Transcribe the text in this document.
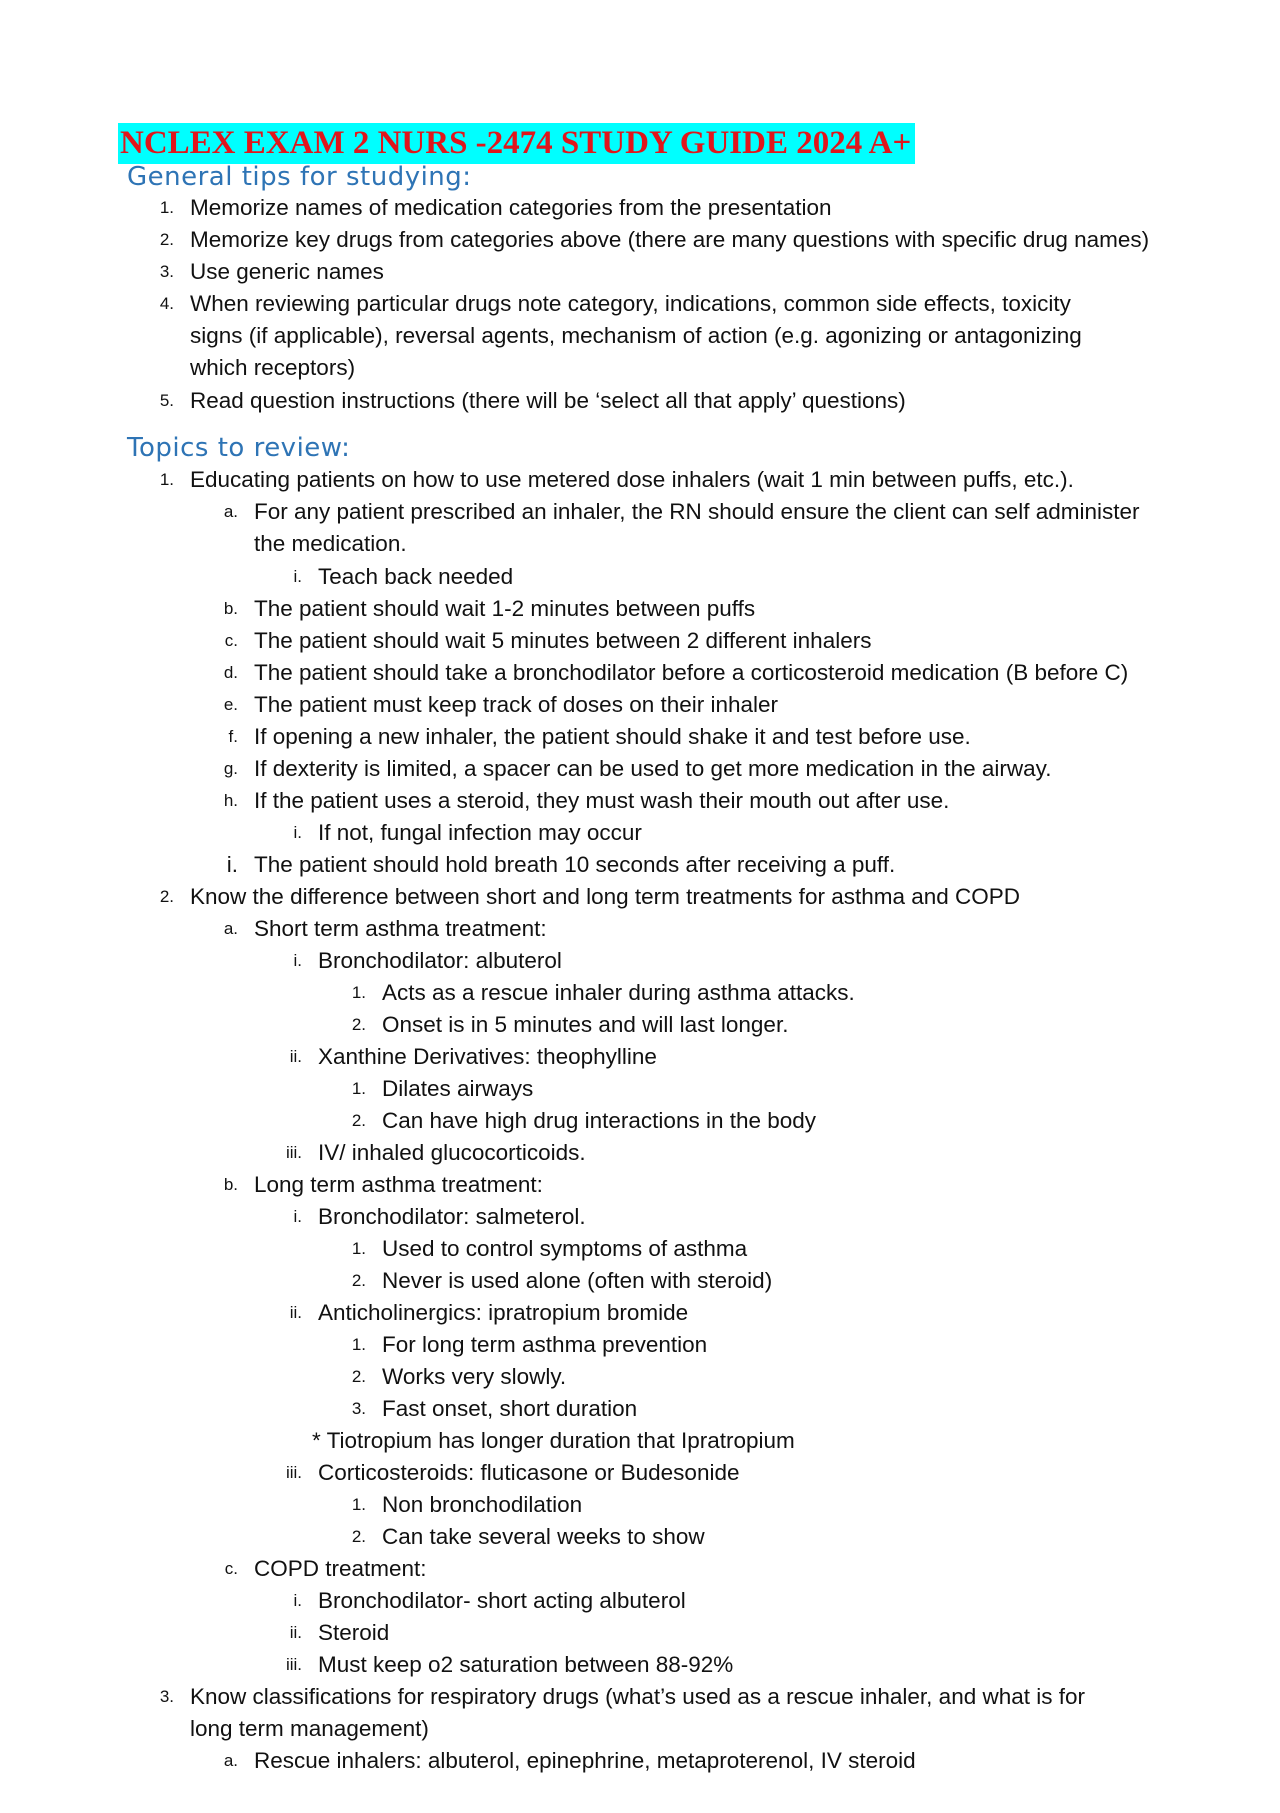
NCLEX EXAM 2 NURS -2474 STUDY GUIDE 2024 A+
General tips for studying:
Topics to review:
1. Memorize names of medication categories from the presentation
2. Memorize key drugs from categories above (there are many questions with specific drug names)
3. Use generic names
4. When reviewing particular drugs note category, indications, common side effects, toxicity
signs (if applicable), reversal agents, mechanism of action (e.g. agonizing or antagonizing
which receptors)
5. Read question instructions (there will be ‘select all that apply’ questions)
1. Educating patients on how to use metered dose inhalers (wait 1 min between puffs, etc.).
a. For any patient prescribed an inhaler, the RN should ensure the client can self administer
the medication.
i. Teach back needed
b. The patient should wait 1-2 minutes between puffs
c. The patient should wait 5 minutes between 2 different inhalers
d. The patient should take a bronchodilator before a corticosteroid medication (B before C)
e. The patient must keep track of doses on their inhaler
f. If opening a new inhaler, the patient should shake it and test before use.
g. If dexterity is limited, a spacer can be used to get more medication in the airway.
h. If the patient uses a steroid, they must wash their mouth out after use.
i. If not, fungal infection may occur
i. The patient should hold breath 10 seconds after receiving a puff.
2. Know the difference between short and long term treatments for asthma and COPD
a. Short term asthma treatment:
i. Bronchodilator: albuterol
1. Acts as a rescue inhaler during asthma attacks.
2. Onset is in 5 minutes and will last longer.
ii. Xanthine Derivatives: theophylline
1. Dilates airways
2. Can have high drug interactions in the body
iii. IV/ inhaled glucocorticoids.
b. Long term asthma treatment:
i. Bronchodilator: salmeterol.
1. Used to control symptoms of asthma
2. Never is used alone (often with steroid)
ii. Anticholinergics: ipratropium bromide
1. For long term asthma prevention
2. Works very slowly.
3. Fast onset, short duration
* Tiotropium has longer duration that Ipratropium
iii. Corticosteroids: fluticasone or Budesonide
1. Non bronchodilation
2. Can take several weeks to show
c. COPD treatment:
i. Bronchodilator- short acting albuterol
ii. Steroid
iii. Must keep o2 saturation between 88-92%
3. Know classifications for respiratory drugs (what’s used as a rescue inhaler, and what is for
long term management)
a. Rescue inhalers: albuterol, epinephrine, metaproterenol, IV steroid
